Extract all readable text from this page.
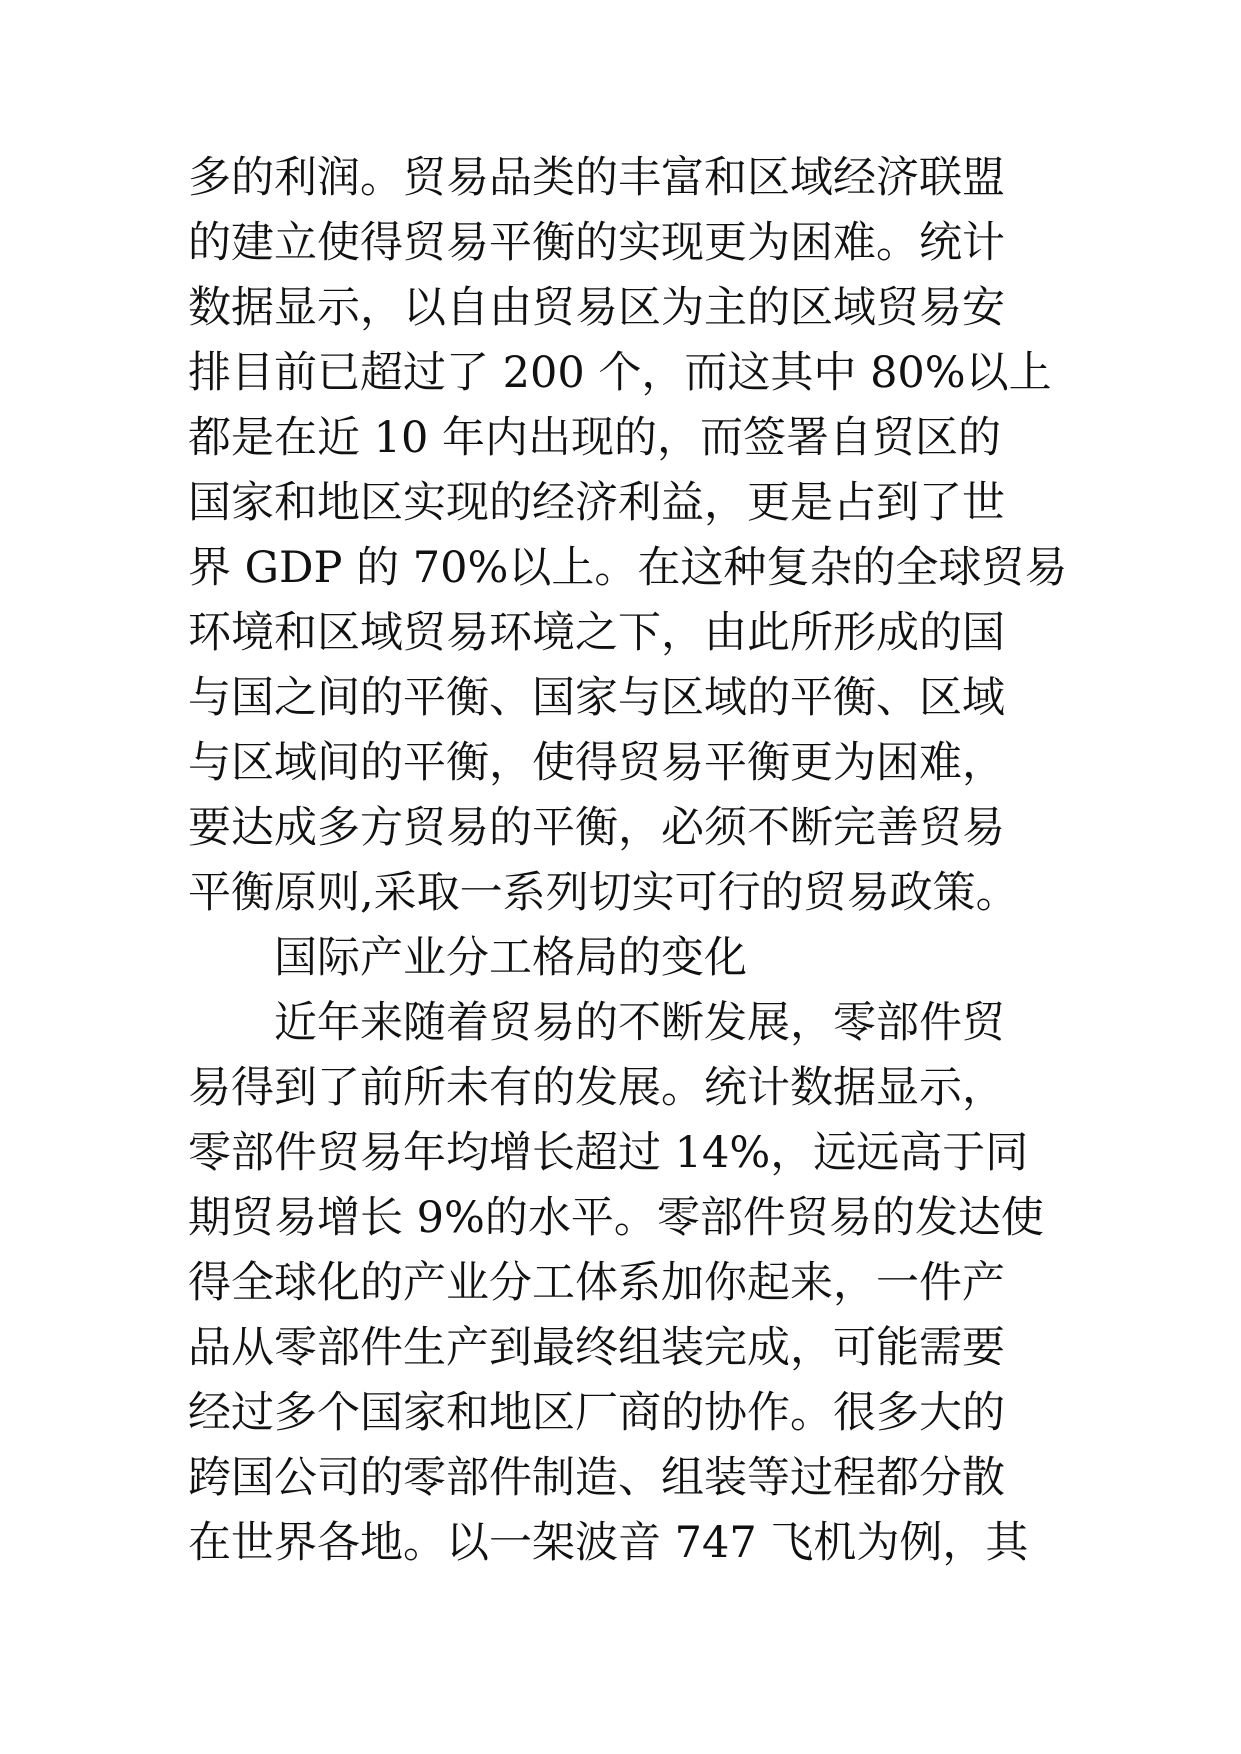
多的利润。贸易品类的丰富和区域经济联盟
的建立使得贸易平衡的实现更为困难。统计
数据显示，以自由贸易区为主的区域贸易安
排目前已超过了 200 个，而这其中 80%以上
都是在近 10 年内出现的，而签署自贸区的
国家和地区实现的经济利益，更是占到了世
界 GDP 的 70%以上。在这种复杂的全球贸易
环境和区域贸易环境之下，由此所形成的国
与国之间的平衡、国家与区域的平衡、区域
与区域间的平衡，使得贸易平衡更为困难，
要达成多方贸易的平衡，必须不断完善贸易
平衡原则,采取一系列切实可行的贸易政策。
国际产业分工格局的变化
近年来随着贸易的不断发展，零部件贸
易得到了前所未有的发展。统计数据显示，
零部件贸易年均增长超过 14%，远远高于同
期贸易增长 9%的水平。零部件贸易的发达使
得全球化的产业分工体系加你起来，一件产
品从零部件生产到最终组装完成，可能需要
经过多个国家和地区厂商的协作。很多大的
跨国公司的零部件制造、组装等过程都分散
在世界各地。以一架波音 747 飞机为例，其
